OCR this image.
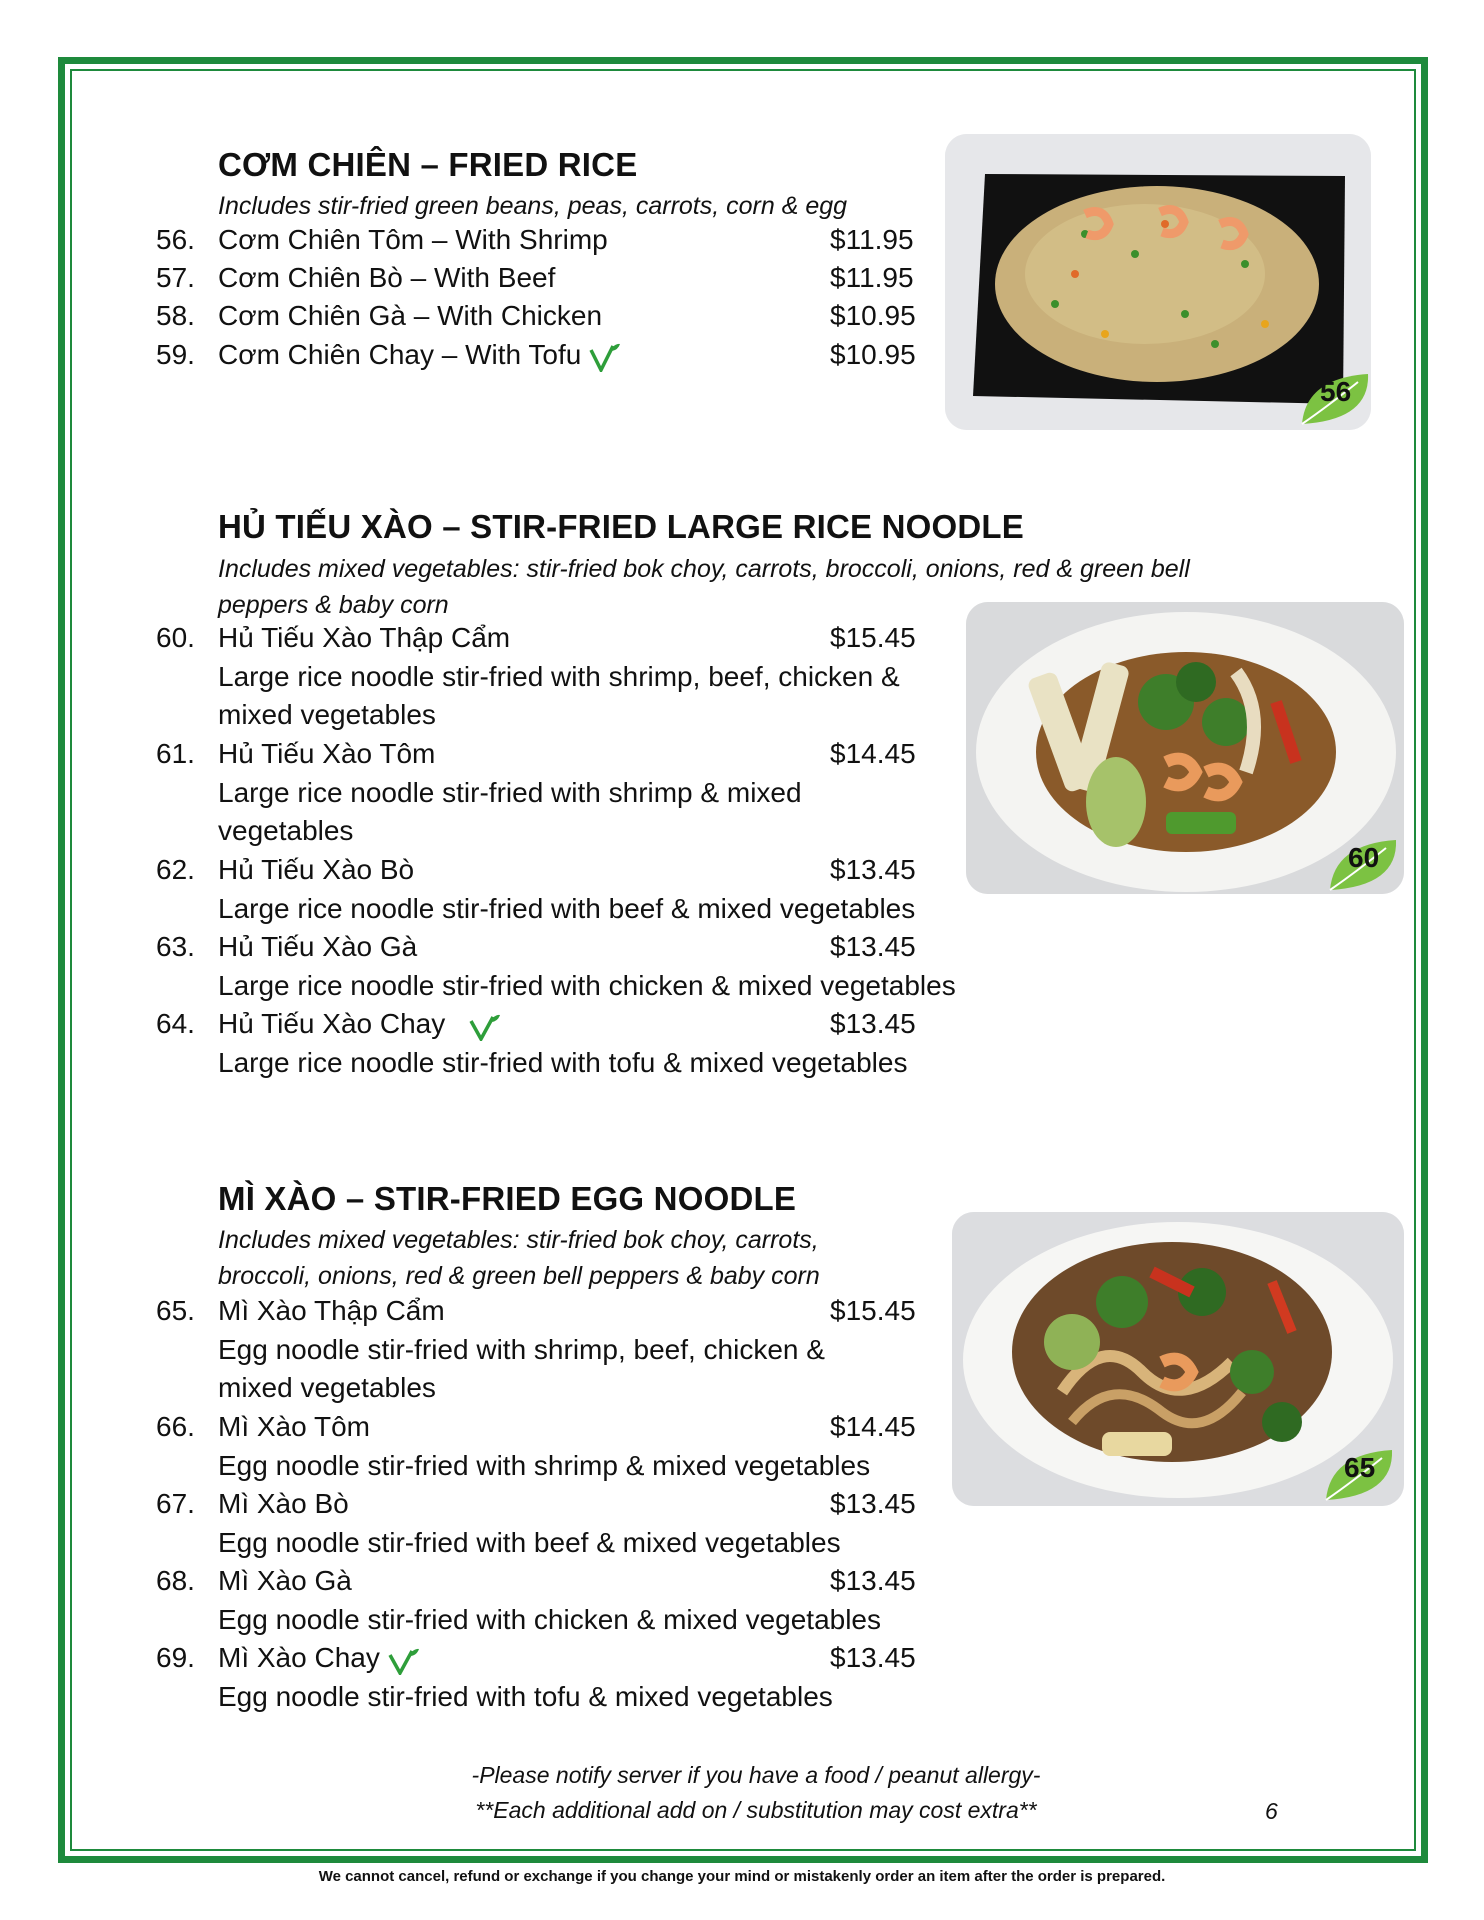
CƠM CHIÊN – FRIED RICE
Includes stir-fried green beans, peas, carrots, corn & egg
56. Cơm Chiên Tôm – With Shrimp	$11.95
57. Cơm Chiên Bò – With Beef	$11.95
58. Cơm Chiên Gà – With Chicken	$10.95
59. Cơm Chiên Chay – With Tofu	$10.95
56
HỦ TIẾU XÀO – STIR-FRIED LARGE RICE NOODLE
Includes mixed vegetables: stir-fried bok choy, carrots, broccoli, onions, red & green bell
peppers & baby corn
60. Hủ Tiếu Xào Thập Cẩm	$15.45
Large rice noodle stir-fried with shrimp, beef, chicken &
mixed vegetables
61. Hủ Tiếu Xào Tôm	$14.45
Large rice noodle stir-fried with shrimp & mixed
vegetables
62. Hủ Tiếu Xào Bò	$13.45
Large rice noodle stir-fried with beef & mixed vegetables
63. Hủ Tiếu Xào Gà	$13.45
Large rice noodle stir-fried with chicken & mixed vegetables
64. Hủ Tiếu Xào Chay	$13.45
Large rice noodle stir-fried with tofu & mixed vegetables
60
MÌ XÀO – STIR-FRIED EGG NOODLE
Includes mixed vegetables: stir-fried bok choy, carrots,
broccoli, onions, red & green bell peppers & baby corn
65. Mì Xào Thập Cẩm	$15.45
Egg noodle stir-fried with shrimp, beef, chicken &
mixed vegetables
66. Mì Xào Tôm	$14.45
Egg noodle stir-fried with shrimp & mixed vegetables
67. Mì Xào Bò	$13.45
Egg noodle stir-fried with beef & mixed vegetables
68. Mì Xào Gà	$13.45
Egg noodle stir-fried with chicken & mixed vegetables
69. Mì Xào Chay	$13.45
Egg noodle stir-fried with tofu & mixed vegetables
65
-Please notify server if you have a food / peanut allergy-
**Each additional add on / substitution may cost extra**	6
We cannot cancel, refund or exchange if you change your mind or mistakenly order an item after the order is prepared.
